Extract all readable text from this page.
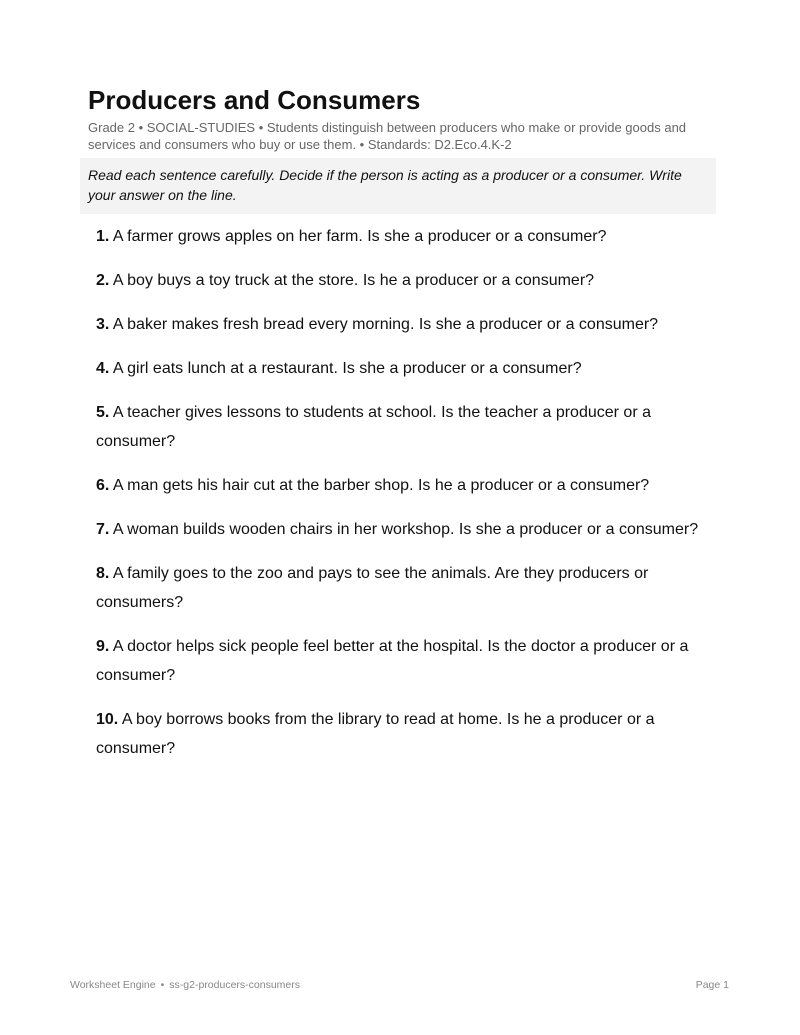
Producers and Consumers
Grade 2 • SOCIAL-STUDIES • Students distinguish between producers who make or provide goods and services and consumers who buy or use them. • Standards: D2.Eco.4.K-2
Read each sentence carefully. Decide if the person is acting as a producer or a consumer. Write your answer on the line.
1. A farmer grows apples on her farm. Is she a producer or a consumer?
2. A boy buys a toy truck at the store. Is he a producer or a consumer?
3. A baker makes fresh bread every morning. Is she a producer or a consumer?
4. A girl eats lunch at a restaurant. Is she a producer or a consumer?
5. A teacher gives lessons to students at school. Is the teacher a producer or a consumer?
6. A man gets his hair cut at the barber shop. Is he a producer or a consumer?
7. A woman builds wooden chairs in her workshop. Is she a producer or a consumer?
8. A family goes to the zoo and pays to see the animals. Are they producers or consumers?
9. A doctor helps sick people feel better at the hospital. Is the doctor a producer or a consumer?
10. A boy borrows books from the library to read at home. Is he a producer or a consumer?
Worksheet Engine • ss-g2-producers-consumers	Page 1
